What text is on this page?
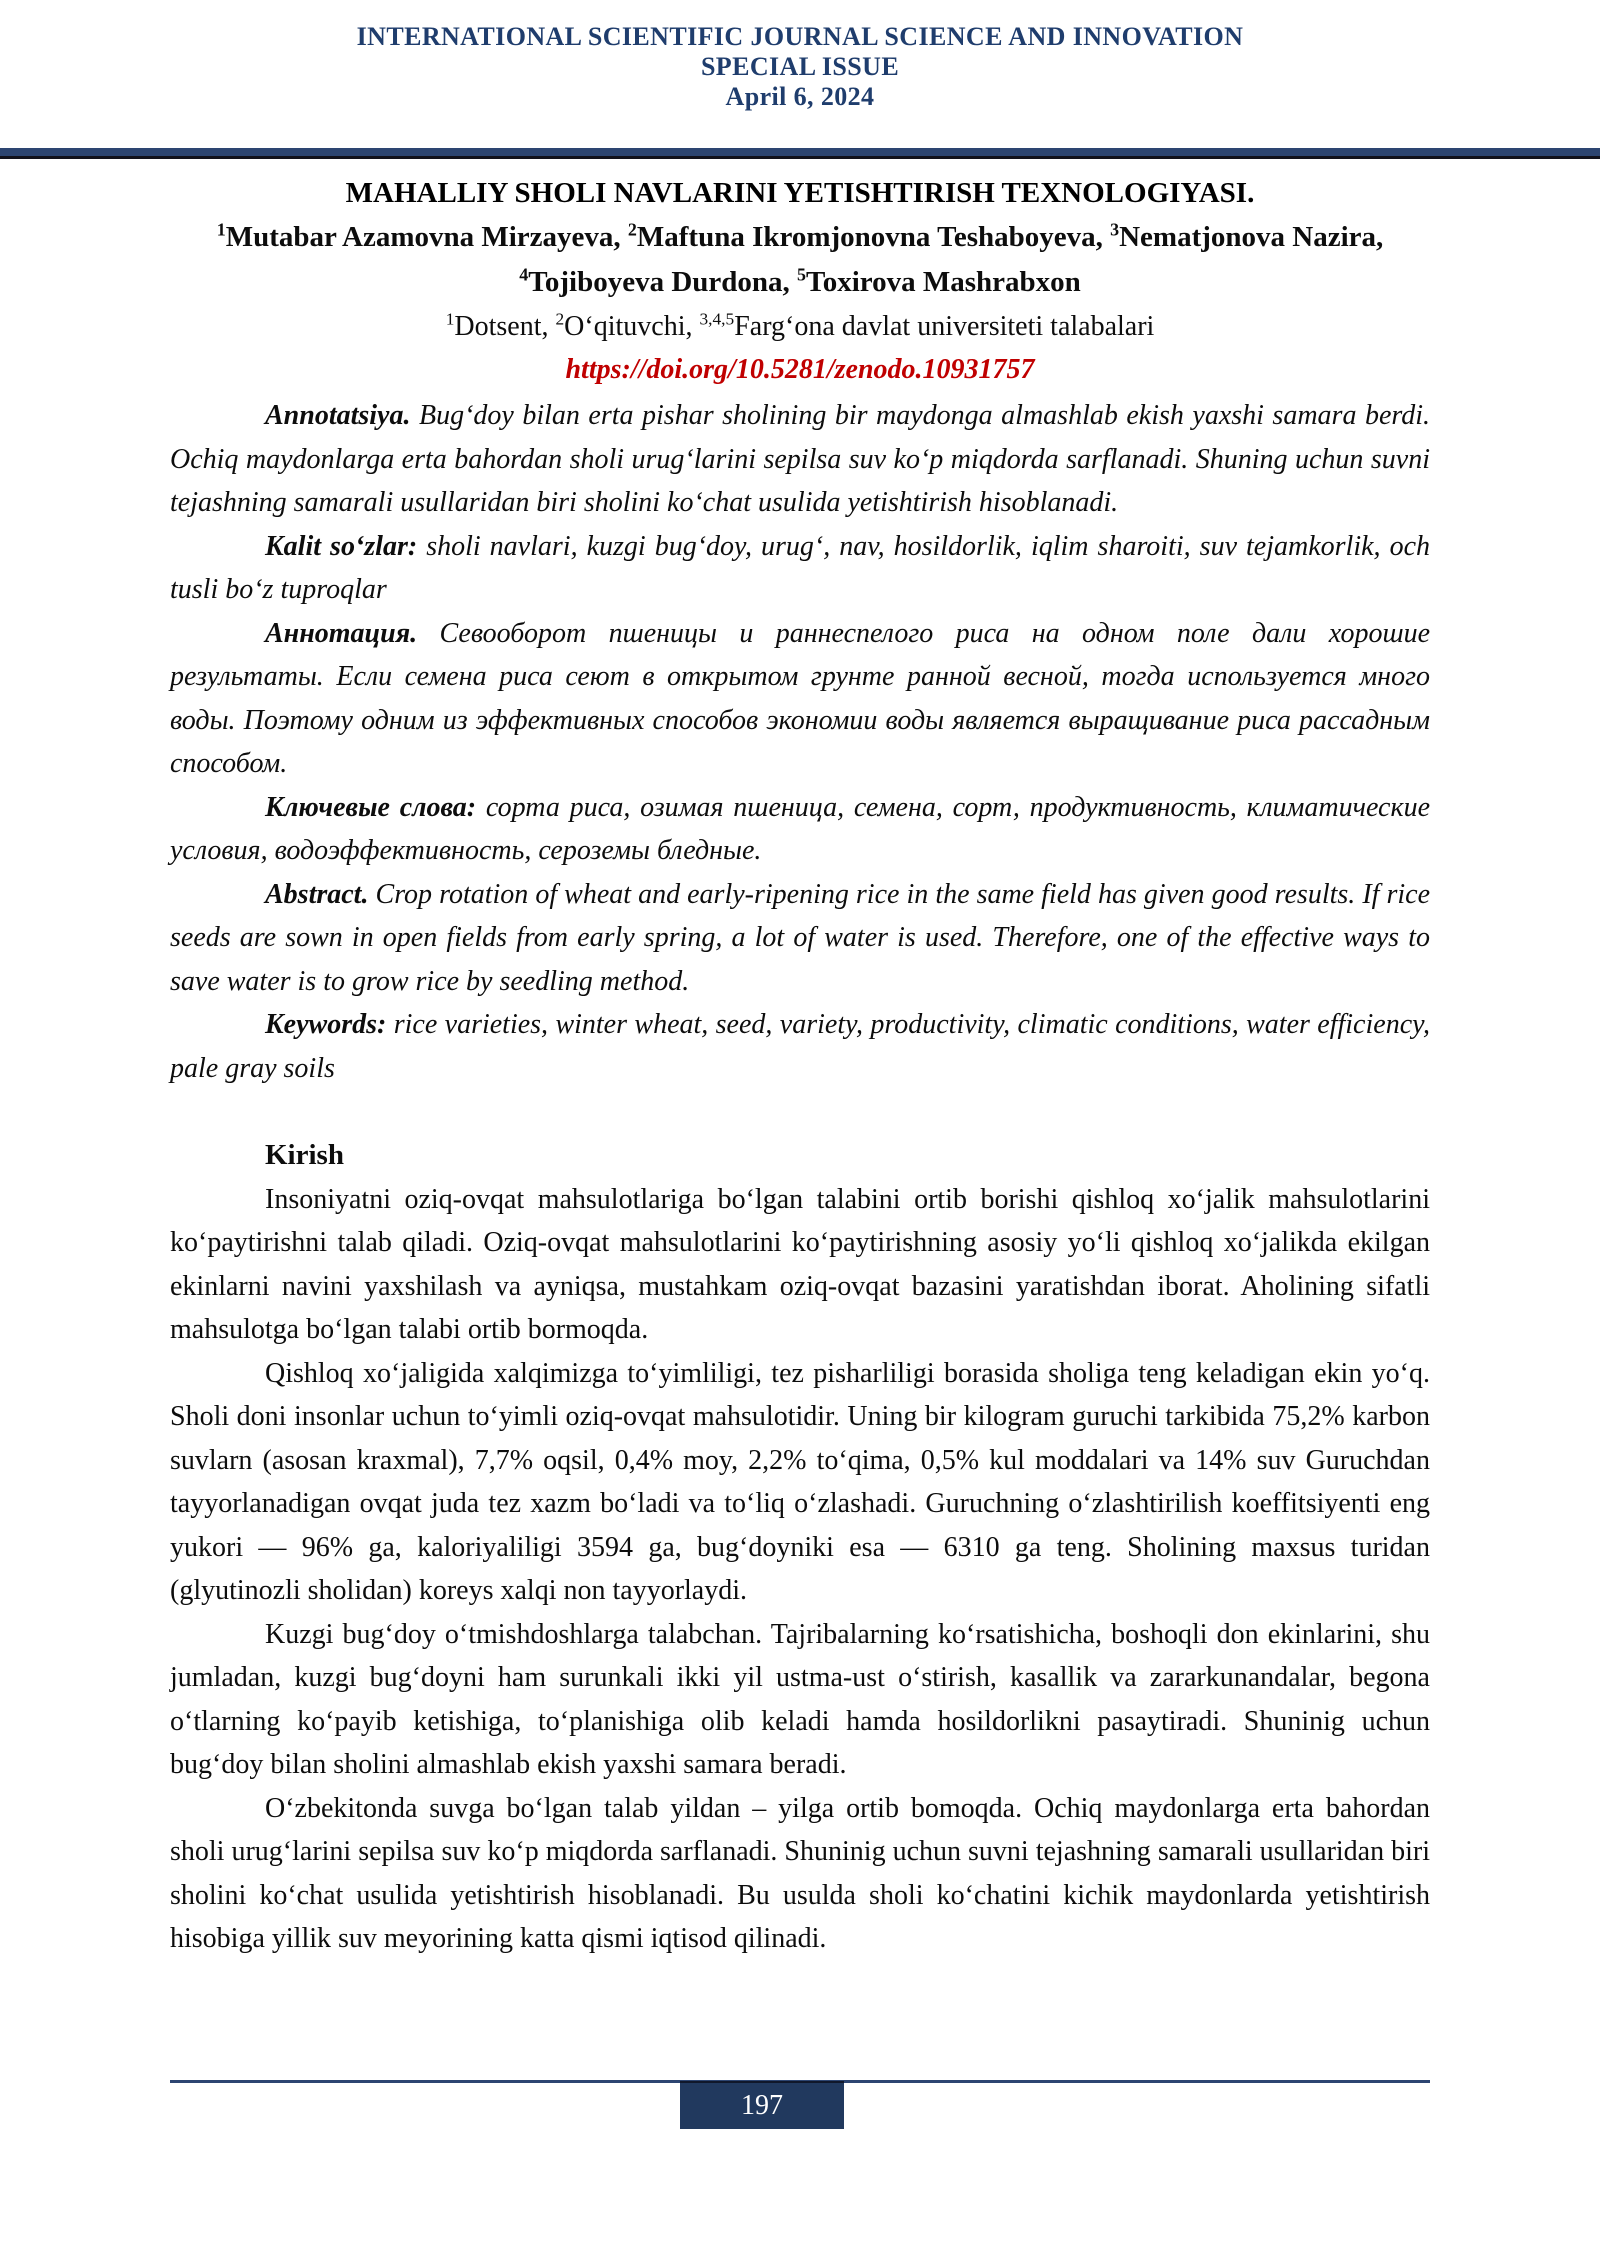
INTERNATIONAL SCIENTIFIC JOURNAL SCIENCE AND INNOVATION
SPECIAL ISSUE
April 6, 2024
MAHALLIY SHOLI NAVLARINI YETISHTIRISH TEXNOLOGIYASI.

$^1$Mutabar Azamovna Mirzayeva, $^2$Maftuna Ikromjonovna Teshaboyeva, $^3$Nematjonova Nazira, $^4$Tojiboyeva Durdona, $^5$Toxirova Mashrabxon

$^1$Dotsent, $^2$O‘qituvchi, $^{3,4,5}$Farg‘ona davlat universiteti talabalari

https://doi.org/10.5281/zenodo.10931757

Annotatsiya. Bug‘doy bilan erta pishar sholining bir maydonga almashlab ekish yaxshi samara berdi. Ochiq maydonlarga erta bahordan sholi urug‘larini sepilsa suv ko‘p miqdorda sarflanadi. Shuning uchun suvni tejashning samarali usullaridan biri sholini ko‘chat usulida yetishtirish hisoblanadi.

Kalit so‘zlar: sholi navlari, kuzgi bug‘doy, urug‘, nav, hosildorlik, iqlim sharoiti, suv tejamkorlik, och tusli bo‘z tuproqlar

Аннотация. Севооборот пшеницы и раннеспелого риса на одном поле дали хорошие результаты. Если семена риса сеют в открытом грунте ранной весной, тогда используется много воды. Поэтому одним из эффективных способов экономии воды является выращивание риса рассадным способом.

Ключевые слова: сорта риса, озимая пшеница, семена, сорт, продуктивность, климатические условия, водоэффективность, сероземы бледные.

Abstract. Crop rotation of wheat and early-ripening rice in the same field has given good results. If rice seeds are sown in open fields from early spring, a lot of water is used. Therefore, one of the effective ways to save water is to grow rice by seedling method.

Keywords: rice varieties, winter wheat, seed, variety, productivity, climatic conditions, water efficiency, pale gray soils

Kirish

Insoniyatni oziq-ovqat mahsulotlariga bo‘lgan talabini ortib borishi qishloq xo‘jalik mahsulotlarini ko‘paytirishni talab qiladi. Oziq-ovqat mahsulotlarini ko‘paytirishning asosiy yo‘li qishloq xo‘jalikda ekilgan ekinlarni navini yaxshilash va ayniqsa, mustahkam oziq-ovqat bazasini yaratishdan iborat. Aholining sifatli mahsulotga bo‘lgan talabi ortib bormoqda.

Qishloq xo‘jaligida xalqimizga to‘yimliligi, tez pisharliligi borasida sholiga teng keladigan ekin yo‘q. Sholi doni insonlar uchun to‘yimli oziq-ovqat mahsulotidir. Uning bir kilogram guruchi tarkibida 75,2% karbon suvlarn (asosan kraxmal), 7,7% oqsil, 0,4% moy, 2,2% to‘qima, 0,5% kul moddalari va 14% suv Guruchdan tayyorlanadigan ovqat juda tez xazm bo‘ladi va to‘liq o‘zlashadi. Guruchning o‘zlashtirilish koeffitsiyenti eng yukori — 96% ga, kaloriyaliligi 3594 ga, bug‘doyniki esa — 6310 ga teng. Sholining maxsus turidan (glyutinozli sholidan) koreys xalqi non tayyorlaydi.

Kuzgi bug‘doy o‘tmishdoshlarga talabchan. Tajribalarning ko‘rsatishicha, boshoqli don ekinlarini, shu jumladan, kuzgi bug‘doyni ham surunkali ikki yil ustma-ust o‘stirish, kasallik va zararkunandalar, begona o‘tlarning ko‘payib ketishiga, to‘planishiga olib keladi hamda hosildorlikni pasaytiradi. Shuninig uchun bug‘doy bilan sholini almashlab ekish yaxshi samara beradi.

O‘zbekitonda suvga bo‘lgan talab yildan – yilga ortib bomoqda. Ochiq maydonlarga erta bahordan sholi urug‘larini sepilsa suv ko‘p miqdorda sarflanadi. Shuninig uchun suvni tejashning samarali usullaridan biri sholini ko‘chat usulida yetishtirish hisoblanadi. Bu usulda sholi ko‘chatini kichik maydonlarda yetishtirish hisobiga yillik suv meyorining katta qismi iqtisod qilinadi.

197
